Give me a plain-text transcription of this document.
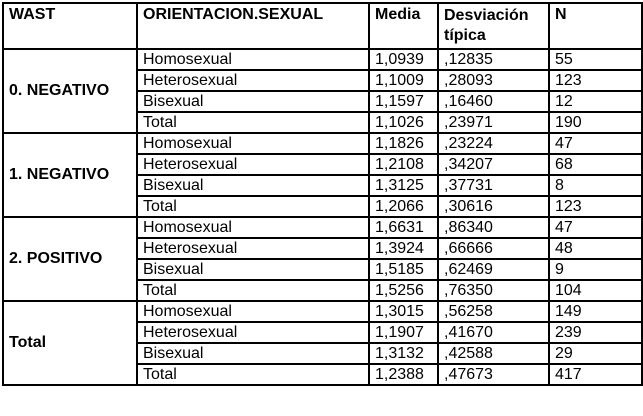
WAST	ORIENTACION.SEXUAL	Media	Desviación típica	N
0. NEGATIVO	Homosexual	1,0939	,12835	55
	Heterosexual	1,1009	,28093	123
	Bisexual	1,1597	,16460	12
	Total	1,1026	,23971	190
1. NEGATIVO	Homosexual	1,1826	,23224	47
	Heterosexual	1,2108	,34207	68
	Bisexual	1,3125	,37731	8
	Total	1,2066	,30616	123
2. POSITIVO	Homosexual	1,6631	,86340	47
	Heterosexual	1,3924	,66666	48
	Bisexual	1,5185	,62469	9
	Total	1,5256	,76350	104
Total	Homosexual	1,3015	,56258	149
	Heterosexual	1,1907	,41670	239
	Bisexual	1,3132	,42588	29
	Total	1,2388	,47673	417
